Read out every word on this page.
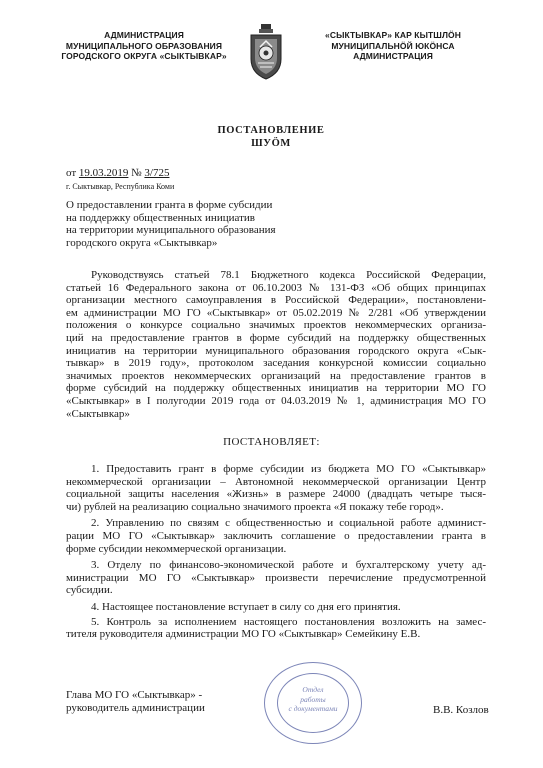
АДМИНИСТРАЦИЯ
МУНИЦИПАЛЬНОГО ОБРАЗОВАНИЯ
ГОРОДСКОГО ОКРУГА «СЫКТЫВКАР»
«СЫКТЫВКАР» КАР КЫТШЛÖН
МУНИЦИПАЛЬНÖЙ ЮКÖНСА
АДМИНИСТРАЦИЯ
ПОСТАНОВЛЕНИЕ
ШУÖМ
от 19.03.2019 № 3/725
г. Сыктывкар, Республика Коми
О предоставлении гранта в форме субсидии
на поддержку общественных инициатив
на территории муниципального образования
городского округа «Сыктывкар»
Руководствуясь статьей 78.1 Бюджетного кодекса Российской Федерации,
статьей 16 Федерального закона от 06.10.2003 № 131-ФЗ «Об общих принципах
организации местного самоуправления в Российской Федерации», постановлени-
ем администрации МО ГО «Сыктывкар» от 05.02.2019 № 2/281 «Об утверждении
положения о конкурсе социально значимых проектов некоммерческих организа-
ций на предоставление грантов в форме субсидий на поддержку общественных
инициатив на территории муниципального образования городского округа «Сык-
тывкар» в 2019 году», протоколом заседания конкурсной комиссии социально
значимых проектов некоммерческих организаций на предоставление грантов в
форме субсидий на поддержку общественных инициатив на территории МО ГО
«Сыктывкар» в I полугодии 2019 года от 04.03.2019 № 1, администрация МО ГО
«Сыктывкар»
ПОСТАНОВЛЯЕТ:
1. Предоставить грант в форме субсидии из бюджета МО ГО «Сыктывкар»
некоммерческой организации – Автономной некоммерческой организации Центр
социальной защиты населения «Жизнь» в размере 24000 (двадцать четыре тыся-
чи) рублей на реализацию социально значимого проекта «Я покажу тебе город».
2. Управлению по связям с общественностью и социальной работе админист-
рации МО ГО «Сыктывкар» заключить соглашение о предоставлении гранта в
форме субсидии некоммерческой организации.
3. Отделу по финансово-экономической работе и бухгалтерскому учету ад-
министрации МО ГО «Сыктывкар» произвести перечисление предусмотренной
субсидии.
4. Настоящее постановление вступает в силу со дня его принятия.
5. Контроль за исполнением настоящего постановления возложить на замес-
тителя руководителя администрации МО ГО «Сыктывкар» Семейкину Е.В.
Глава МО ГО «Сыктывкар» -
руководитель администрации
Отдел
работы
с документами	В.В. Козлов
